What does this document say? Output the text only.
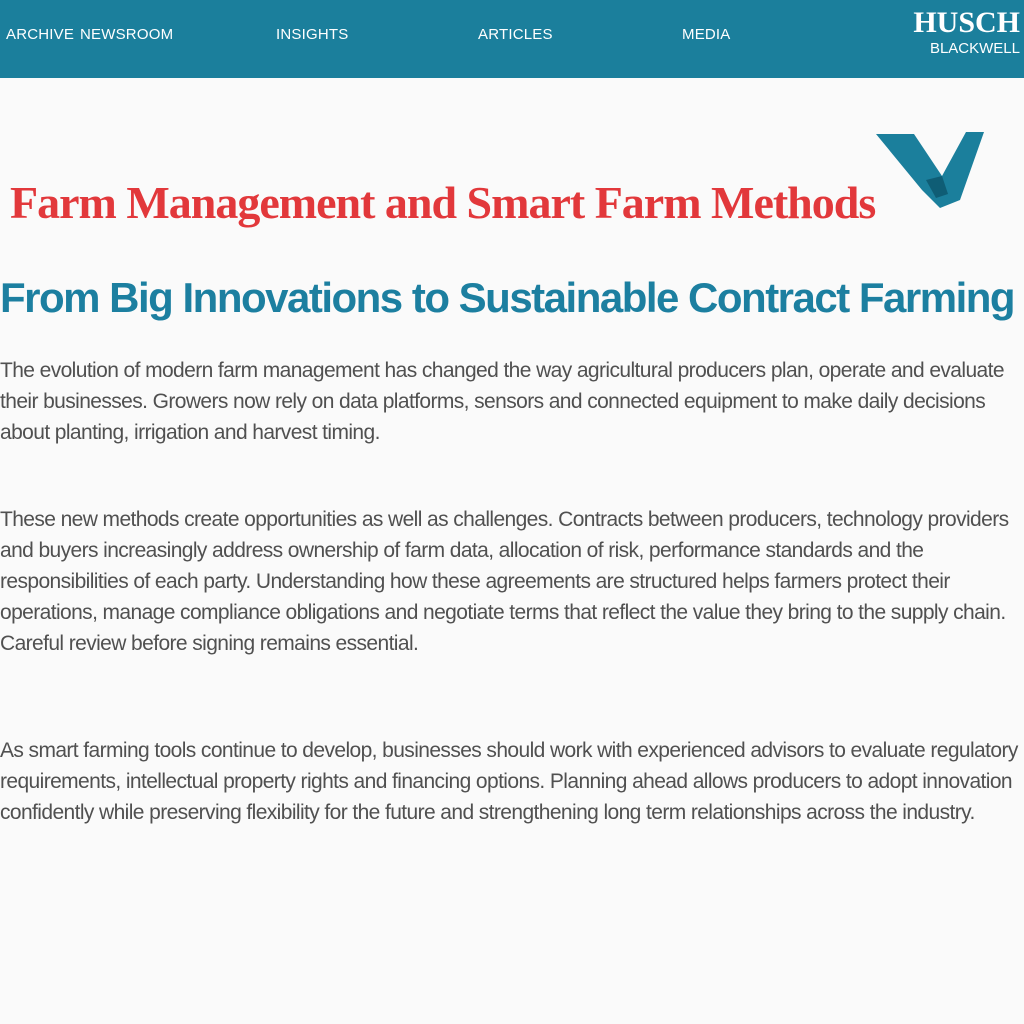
ARCHIVE NEWSROOM	INSIGHTS	ARTICLES	MEDIA	HUSCH
BLACKWELL
Farm Management and Smart Farm Methods
From Big Innovations to Sustainable Contract Farming

The evolution of modern farm management has changed the way agricultural producers plan, operate and evaluate their businesses. Growers now rely on data platforms, sensors and connected equipment to make daily decisions about planting, irrigation and harvest timing.

These new methods create opportunities as well as challenges. Contracts between producers, technology providers and buyers increasingly address ownership of farm data, allocation of risk, performance standards and the responsibilities of each party. Understanding how these agreements are structured helps farmers protect their operations, manage compliance obligations and negotiate terms that reflect the value they bring to the supply chain. Careful review before signing remains essential.

As smart farming tools continue to develop, businesses should work with experienced advisors to evaluate regulatory requirements, intellectual property rights and financing options. Planning ahead allows producers to adopt innovation confidently while preserving flexibility for the future and strengthening long term relationships across the industry.
